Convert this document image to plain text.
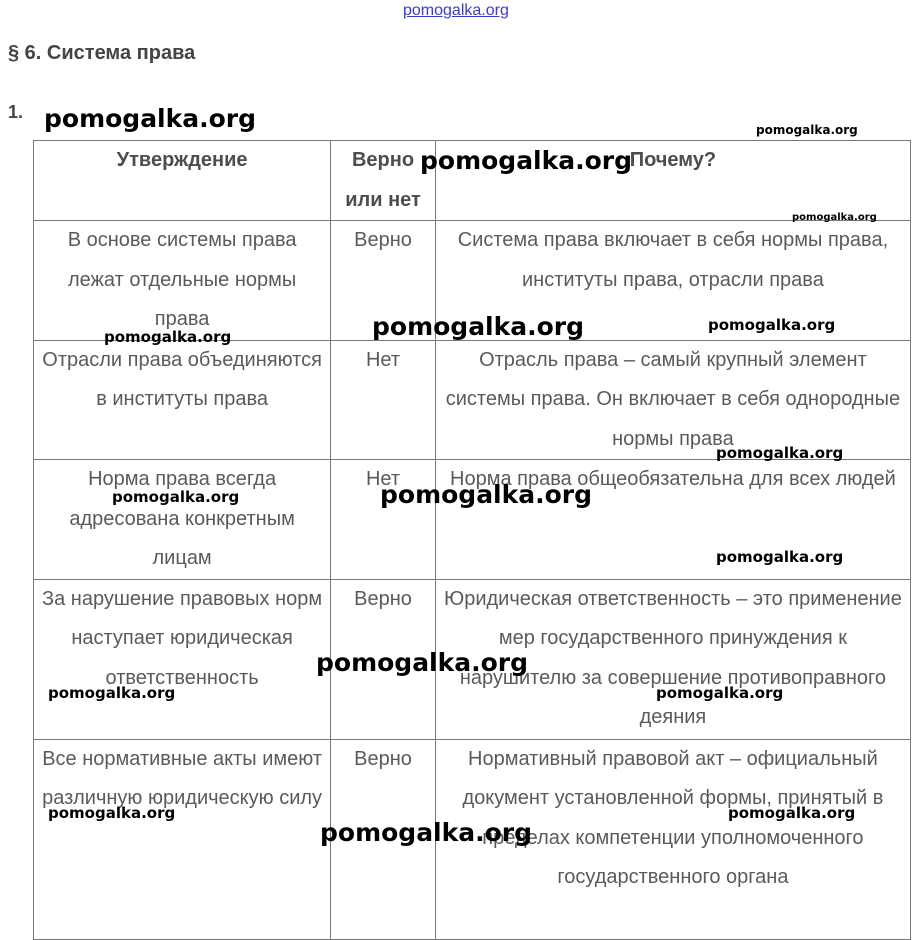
pomogalka.org
§ 6. Система права
1.
Утверждение	Верно или нет	Почему?
В основе системы права лежат отдельные нормы права	Верно	Система права включает в себя нормы права, институты права, отрасли права
Отрасли права объединяются в институты права	Нет	Отрасль права – самый крупный элемент системы права. Он включает в себя однородные нормы права
Норма права всегда адресована конкретным лицам	Нет	Норма права общеобязательна для всех людей
За нарушение правовых норм наступает юридическая ответственность	Верно	Юридическая ответственность – это применение мер государственного принуждения к нарушителю за совершение противоправного деяния
Все нормативные акты имеют различную юридическую силу	Верно	Нормативный правовой акт – официальный документ установленной формы, принятый в пределах компетенции уполномоченного государственного органа
pomogalka.org	pomogalka.org
pomogalka.org
pomogalka.org
pomogalka.org
pomogalka.org
pomogalka.org
pomogalka.org
pomogalka.org	pomogalka.org
pomogalka.org
pomogalka.org
pomogalka.org	pomogalka.org
pomogalka.org	pomogalka.org
pomogalka.org
